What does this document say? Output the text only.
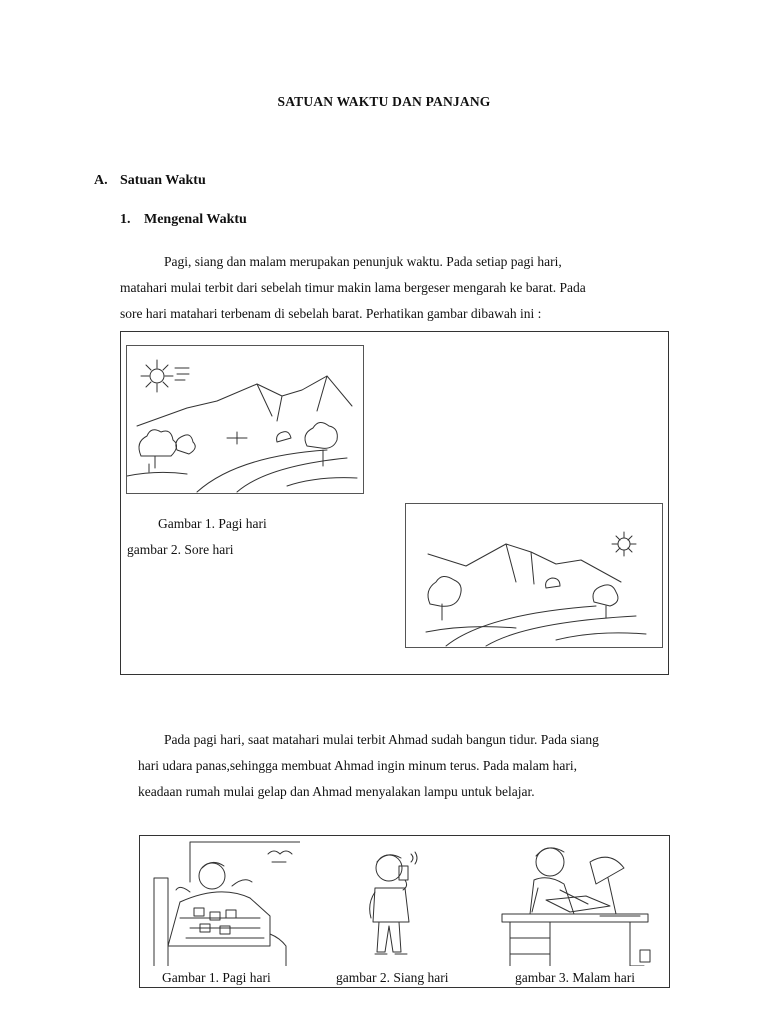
SATUAN WAKTU DAN PANJANG
A. Satuan Waktu
1. Mengenal Waktu
Pagi, siang dan malam merupakan penunjuk waktu. Pada setiap pagi hari,
matahari mulai terbit dari sebelah timur makin lama bergeser mengarah ke barat. Pada
sore hari matahari terbenam di sebelah barat. Perhatikan gambar dibawah ini :
Gambar 1. Pagi hari
gambar 2. Sore hari
Pada pagi hari, saat matahari mulai terbit Ahmad sudah bangun tidur. Pada siang
hari udara panas,sehingga membuat Ahmad ingin minum terus. Pada malam hari,
keadaan rumah mulai gelap dan Ahmad menyalakan lampu untuk belajar.
Gambar 1. Pagi hari	gambar 2. Siang hari	gambar 3. Malam hari
